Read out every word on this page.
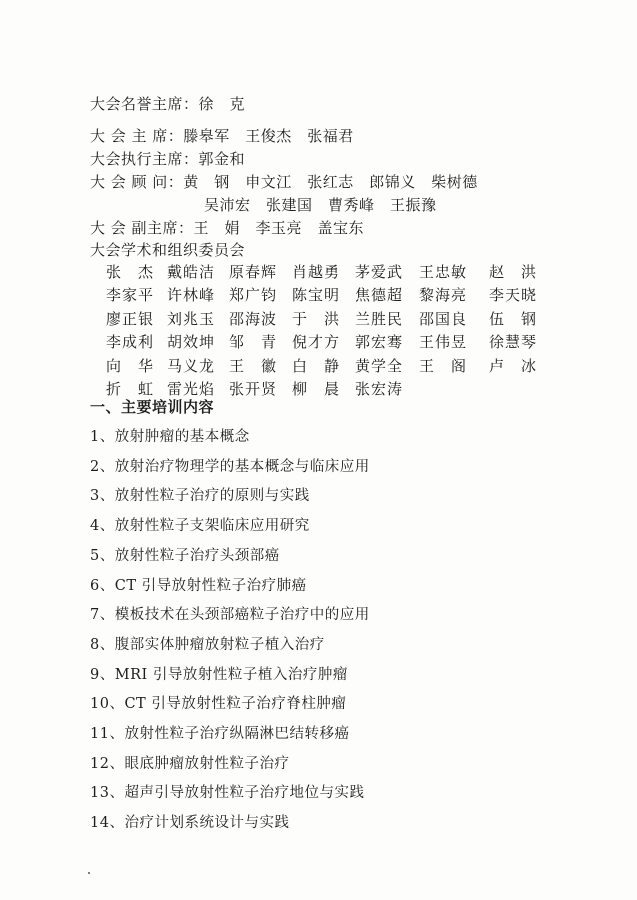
大会名誉主席：徐　克
大 会 主 席：滕皋军　王俊杰　张福君
大会执行主席：郭金和
大 会 顾 问：黄　钢　申文江　张红志　郎锦义　柴树德
吴沛宏　张建国　曹秀峰　王振豫
大 会 副主席：王　娟　李玉亮　盖宝东
大会学术和组织委员会
张　杰 戴皓洁 原春辉 肖越勇 茅爱武 王忠敏 赵　洪
李家平 许林峰 郑广钧 陈宝明 焦德超 黎海亮 李天晓
廖正银 刘兆玉 邵海波 于　洪 兰胜民 邵国良 伍　钢
李成利 胡效坤 邹　青 倪才方 郭宏骞 王伟昱 徐慧琴
向　华 马义龙 王　徽 白　静 黄学全 王　阁 卢　冰
折　虹 雷光焰 张开贤 柳　晨 张宏涛
一、主要培训内容
1、放射肿瘤的基本概念
2、放射治疗物理学的基本概念与临床应用
3、放射性粒子治疗的原则与实践
4、放射性粒子支架临床应用研究
5、放射性粒子治疗头颈部癌
6、CT 引导放射性粒子治疗肺癌
7、模板技术在头颈部癌粒子治疗中的应用
8、腹部实体肿瘤放射粒子植入治疗
9、MRI 引导放射性粒子植入治疗肿瘤
10、CT 引导放射性粒子治疗脊柱肿瘤
11、放射性粒子治疗纵隔淋巴结转移癌
12、眼底肿瘤放射性粒子治疗
13、超声引导放射性粒子治疗地位与实践
14、治疗计划系统设计与实践
